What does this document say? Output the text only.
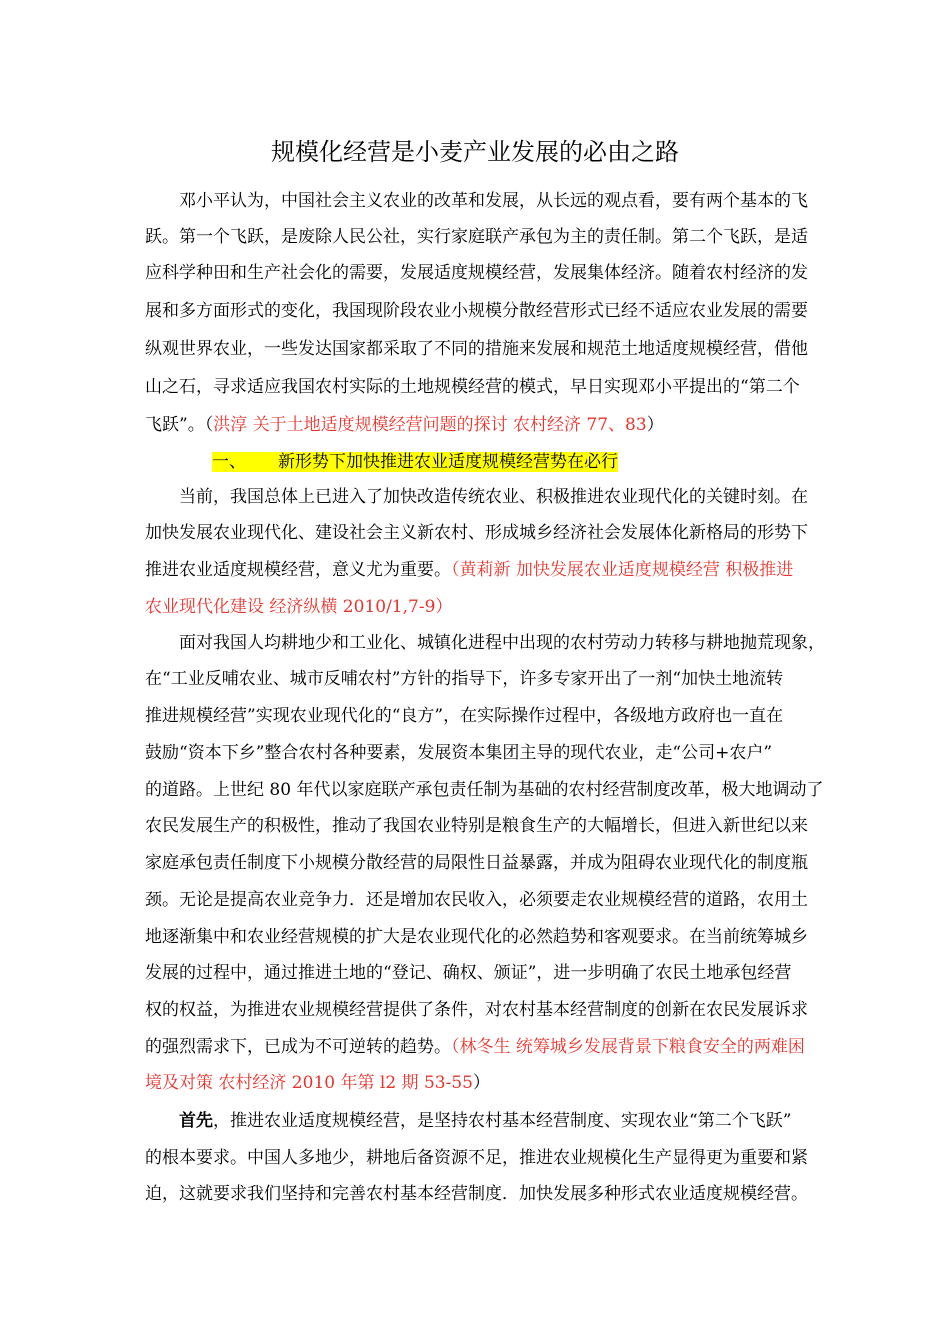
规模化经营是小麦产业发展的必由之路
邓小平认为，中国社会主义农业的改革和发展，从长远的观点看，要有两个基本的飞
跃。第一个飞跃，是废除人民公社，实行家庭联产承包为主的责任制。第二个飞跃，是适
应科学种田和生产社会化的需要，发展适度规模经营，发展集体经济。随着农村经济的发
展和多方面形式的变化，我国现阶段农业小规模分散经营形式已经不适应农业发展的需要
纵观世界农业，一些发达国家都采取了不同的措施来发展和规范土地适度规模经营，借他
山之石，寻求适应我国农村实际的土地规模经营的模式，早日实现邓小平提出的“第二个
飞跃”。（洪淳 关于土地适度规模经营问题的探讨 农村经济 77、83）
一、 新形势下加快推进农业适度规模经营势在必行
当前，我国总体上已进入了加快改造传统农业、积极推进农业现代化的关键时刻。在
加快发展农业现代化、建设社会主义新农村、形成城乡经济社会发展体化新格局的形势下
推进农业适度规模经营，意义尤为重要。（黄莉新 加快发展农业适度规模经营 积极推进
农业现代化建设 经济纵横 2010/1,7-9）
面对我国人均耕地少和工业化、城镇化进程中出现的农村劳动力转移与耕地抛荒现象，
在“工业反哺农业、城市反哺农村”方针的指导下，许多专家开出了一剂“加快土地流转
推进规模经营”实现农业现代化的“良方”，在实际操作过程中，各级地方政府也一直在
鼓励“资本下乡”整合农村各种要素，发展资本集团主导的现代农业，走“公司+农户”
的道路。上世纪 80 年代以家庭联产承包责任制为基础的农村经营制度改革，极大地调动了
农民发展生产的积极性，推动了我国农业特别是粮食生产的大幅增长，但进入新世纪以来
家庭承包责任制度下小规模分散经营的局限性日益暴露，并成为阻碍农业现代化的制度瓶
颈。无论是提高农业竞争力．还是增加农民收入，必须要走农业规模经营的道路，农用土
地逐渐集中和农业经营规模的扩大是农业现代化的必然趋势和客观要求。在当前统筹城乡
发展的过程中，通过推进土地的“登记、确权、颁证”，进一步明确了农民土地承包经营
权的权益，为推进农业规模经营提供了条件，对农村基本经营制度的创新在农民发展诉求
的强烈需求下，已成为不可逆转的趋势。（林冬生 统筹城乡发展背景下粮食安全的两难困
境及对策 农村经济 2010 年第 l2 期 53-55）
首先，推进农业适度规模经营，是坚持农村基本经营制度、实现农业“第二个飞跃”
的根本要求。中国人多地少，耕地后备资源不足，推进农业规模化生产显得更为重要和紧
迫，这就要求我们坚持和完善农村基本经营制度．加快发展多种形式农业适度规模经营。
